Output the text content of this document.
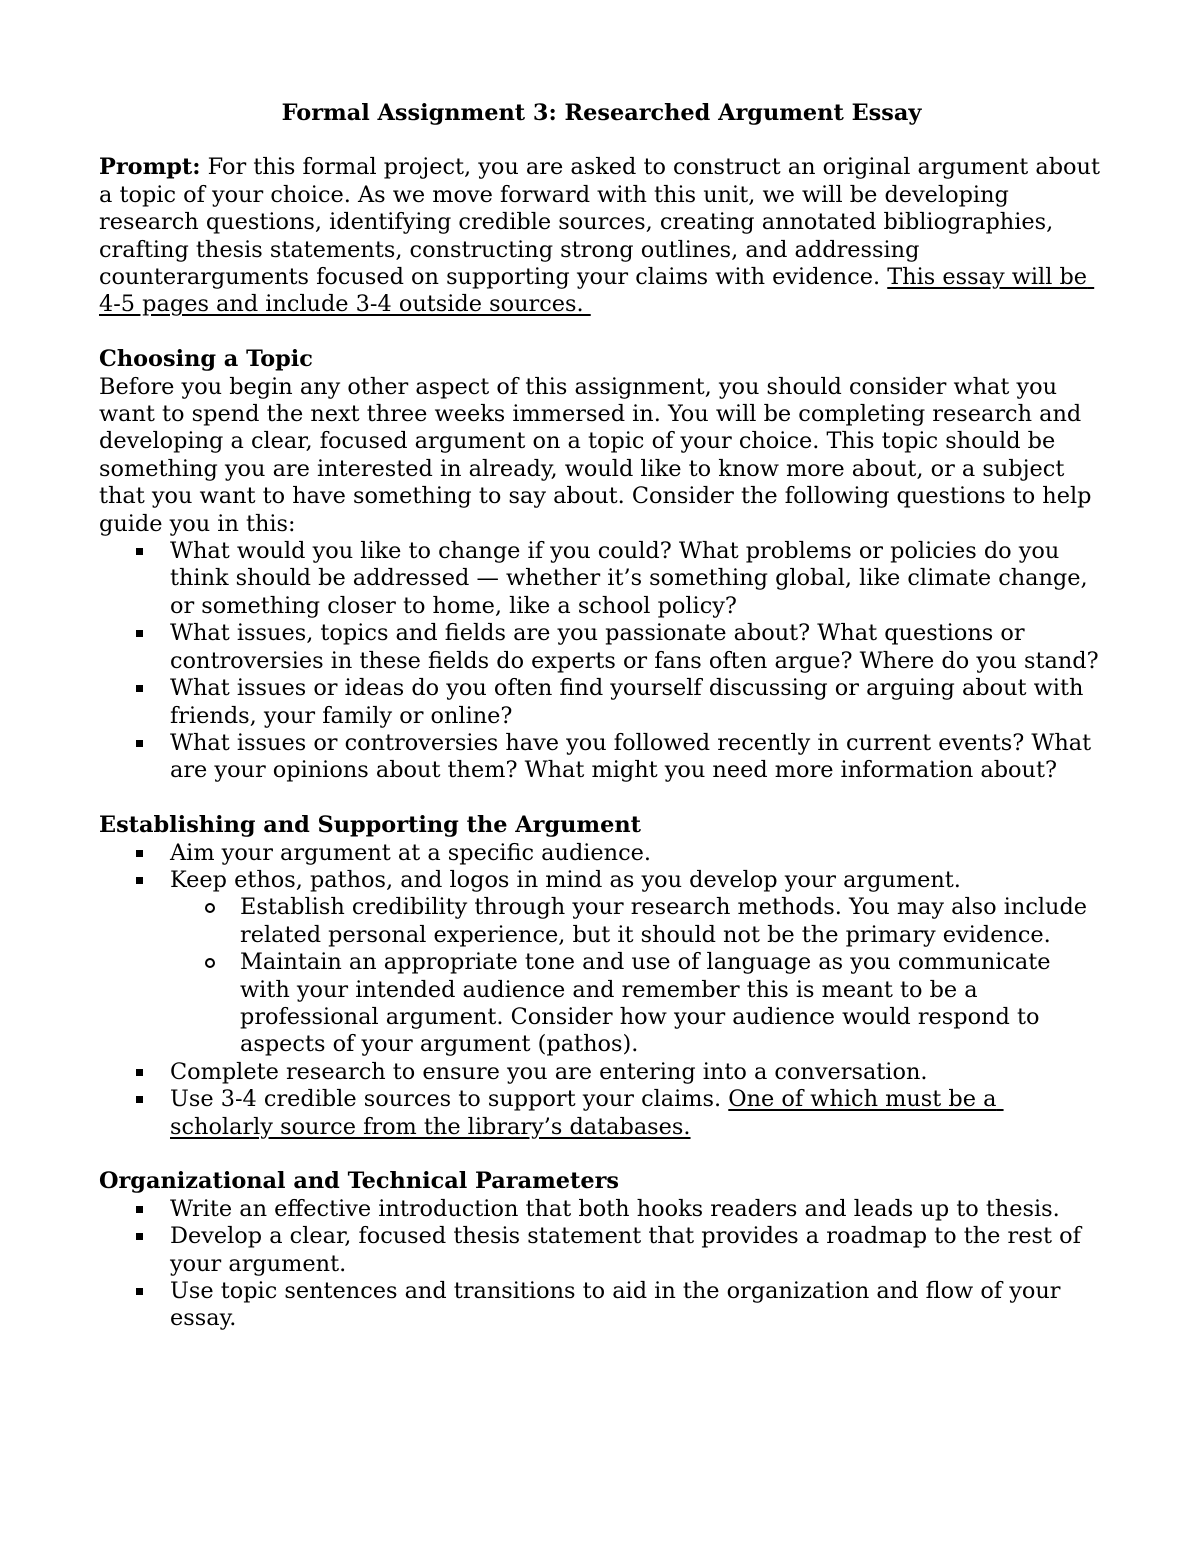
Formal Assignment 3: Researched Argument Essay

Prompt: For this formal project, you are asked to construct an original argument about a topic of your choice. As we move forward with this unit, we will be developing research questions, identifying credible sources, creating annotated bibliographies, crafting thesis statements, constructing strong outlines, and addressing counterarguments focused on supporting your claims with evidence. This essay will be 4-5 pages and include 3-4 outside sources.

Choosing a Topic

Before you begin any other aspect of this assignment, you should consider what you want to spend the next three weeks immersed in. You will be completing research and developing a clear, focused argument on a topic of your choice. This topic should be something you are interested in already, would like to know more about, or a subject that you want to have something to say about. Consider the following questions to help guide you in this:

What would you like to change if you could? What problems or policies do you think should be addressed — whether it’s something global, like climate change, or something closer to home, like a school policy?
What issues, topics and fields are you passionate about? What questions or controversies in these fields do experts or fans often argue? Where do you stand?
What issues or ideas do you often find yourself discussing or arguing about with friends, your family or online?
What issues or controversies have you followed recently in current events? What are your opinions about them? What might you need more information about?

Establishing and Supporting the Argument

Aim your argument at a specific audience.
Keep ethos, pathos, and logos in mind as you develop your argument.
Establish credibility through your research methods. You may also include related personal experience, but it should not be the primary evidence.
Maintain an appropriate tone and use of language as you communicate with your intended audience and remember this is meant to be a professional argument. Consider how your audience would respond to aspects of your argument (pathos).
Complete research to ensure you are entering into a conversation.
Use 3-4 credible sources to support your claims. One of which must be a scholarly source from the library’s databases.

Organizational and Technical Parameters

Write an effective introduction that both hooks readers and leads up to thesis.
Develop a clear, focused thesis statement that provides a roadmap to the rest of your argument.
Use topic sentences and transitions to aid in the organization and flow of your essay.
